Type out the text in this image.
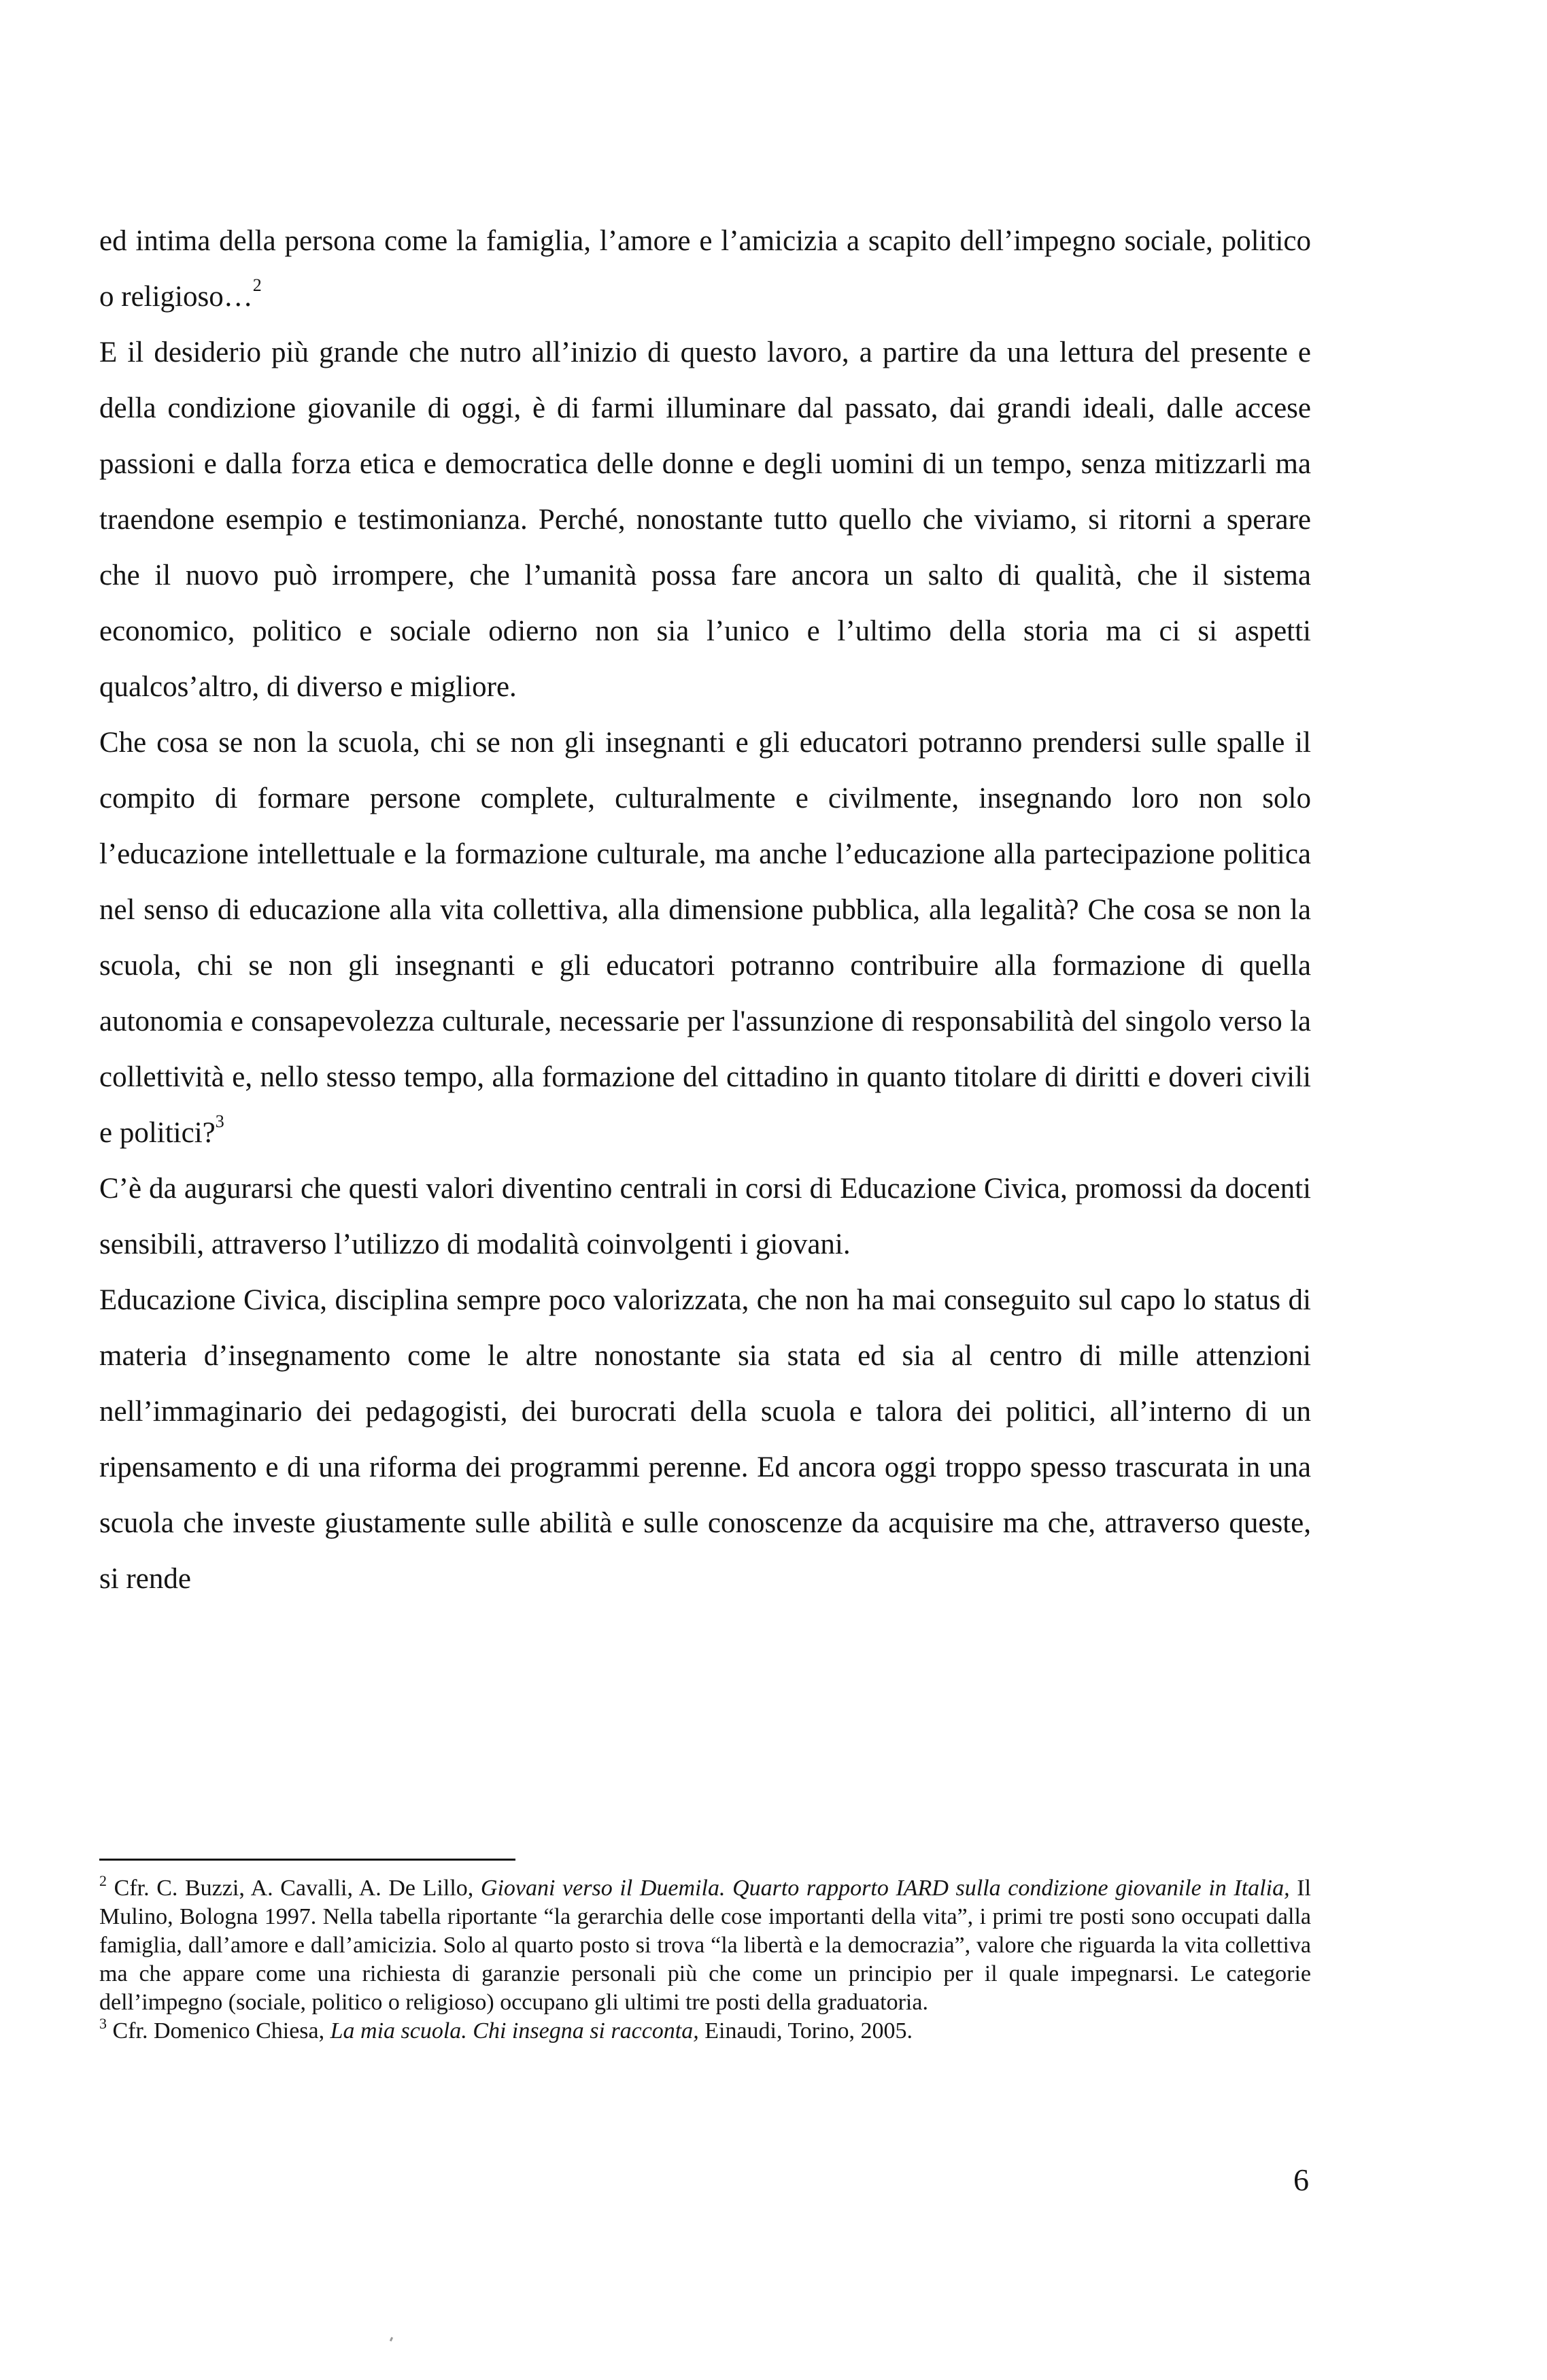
ed intima della persona come la famiglia, l’amore e l’amicizia a scapito dell’impegno sociale, politico o religioso…$^2$

E il desiderio più grande che nutro all’inizio di questo lavoro, a partire da una lettura del presente e della condizione giovanile di oggi, è di farmi illuminare dal passato, dai grandi ideali, dalle accese passioni e dalla forza etica e democratica delle donne e degli uomini di un tempo, senza mitizzarli ma traendone esempio e testimonianza. Perché, nonostante tutto quello che viviamo, si ritorni a sperare che il nuovo può irrompere, che l’umanità possa fare ancora un salto di qualità, che il sistema economico, politico e sociale odierno non sia l’unico e l’ultimo della storia ma ci si aspetti qualcos’altro, di diverso e migliore.

Che cosa se non la scuola, chi se non gli insegnanti e gli educatori potranno prendersi sulle spalle il compito di formare persone complete, culturalmente e civilmente, insegnando loro non solo l’educazione intellettuale e la formazione culturale, ma anche l’educazione alla partecipazione politica nel senso di educazione alla vita collettiva, alla dimensione pubblica, alla legalità? Che cosa se non la scuola, chi se non gli insegnanti e gli educatori potranno contribuire alla formazione di quella autonomia e consapevolezza culturale, necessarie per l'assunzione di responsabilità del singolo verso la collettività e, nello stesso tempo, alla formazione del cittadino in quanto titolare di diritti e doveri civili e politici?$^3$

C’è da augurarsi che questi valori diventino centrali in corsi di Educazione Civica, promossi da docenti sensibili, attraverso l’utilizzo di modalità coinvolgenti i giovani.

Educazione Civica, disciplina sempre poco valorizzata, che non ha mai conseguito sul capo lo status di materia d’insegnamento come le altre nonostante sia stata ed sia al centro di mille attenzioni nell’immaginario dei pedagogisti, dei burocrati della scuola e talora dei politici, all’interno di un ripensamento e di una riforma dei programmi perenne. Ed ancora oggi troppo spesso trascurata in una scuola che investe giustamente sulle abilità e sulle conoscenze da acquisire ma che, attraverso queste, si rende

$^2$ Cfr. C. Buzzi, A. Cavalli, A. De Lillo, Giovani verso il Duemila. Quarto rapporto IARD sulla condizione giovanile in Italia, Il Mulino, Bologna 1997. Nella tabella riportante “la gerarchia delle cose importanti della vita”, i primi tre posti sono occupati dalla famiglia, dall’amore e dall’amicizia. Solo al quarto posto si trova “la libertà e la democrazia”, valore che riguarda la vita collettiva ma che appare come una richiesta di garanzie personali più che come un principio per il quale impegnarsi. Le categorie dell’impegno (sociale, politico o religioso) occupano gli ultimi tre posti della graduatoria.

$^3$ Cfr. Domenico Chiesa, La mia scuola. Chi insegna si racconta, Einaudi, Torino, 2005.

6
